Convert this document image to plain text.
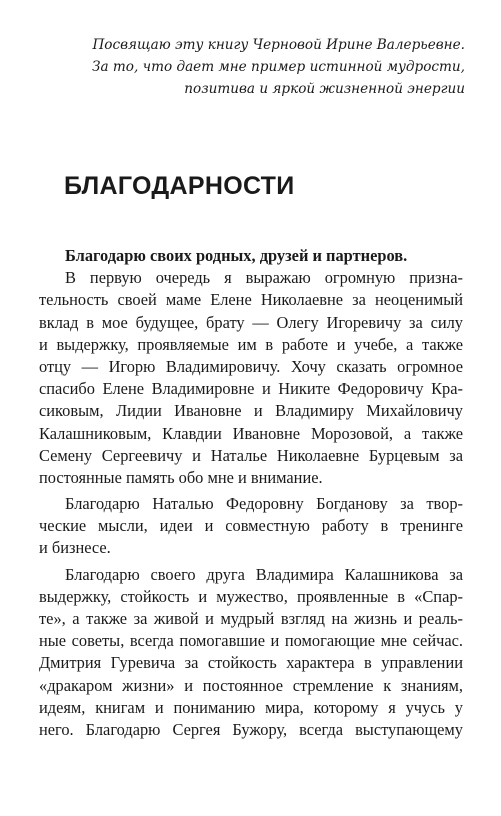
Посвящаю эту книгу Черновой Ирине Валерьевне.
За то, что дает мне пример истинной мудрости,
позитива и яркой жизненной энергии
БЛАГОДАРНОСТИ
Благодарю своих родных, друзей и партнеров.
В первую очередь я выражаю огромную призна-
тельность своей маме Елене Николаевне за неоценимый
вклад в мое будущее, брату — Олегу Игоревичу за силу
и выдержку, проявляемые им в работе и учебе, а также
отцу — Игорю Владимировичу. Хочу сказать огромное
спасибо Елене Владимировне и Никите Федоровичу Кра-
сиковым, Лидии Ивановне и Владимиру Михайловичу
Калашниковым, Клавдии Ивановне Морозовой, а также
Семену Сергеевичу и Наталье Николаевне Бурцевым за
постоянные память обо мне и внимание.
Благодарю Наталью Федоровну Богданову за твор-
ческие мысли, идеи и совместную работу в тренинге
и бизнесе.
Благодарю своего друга Владимира Калашникова за
выдержку, стойкость и мужество, проявленные в «Спар-
те», а также за живой и мудрый взгляд на жизнь и реаль-
ные советы, всегда помогавшие и помогающие мне сейчас.
Дмитрия Гуревича за стойкость характера в управлении
«дракаром жизни» и постоянное стремление к знаниям,
идеям, книгам и пониманию мира, которому я учусь у
него. Благодарю Сергея Бужору, всегда выступающему
